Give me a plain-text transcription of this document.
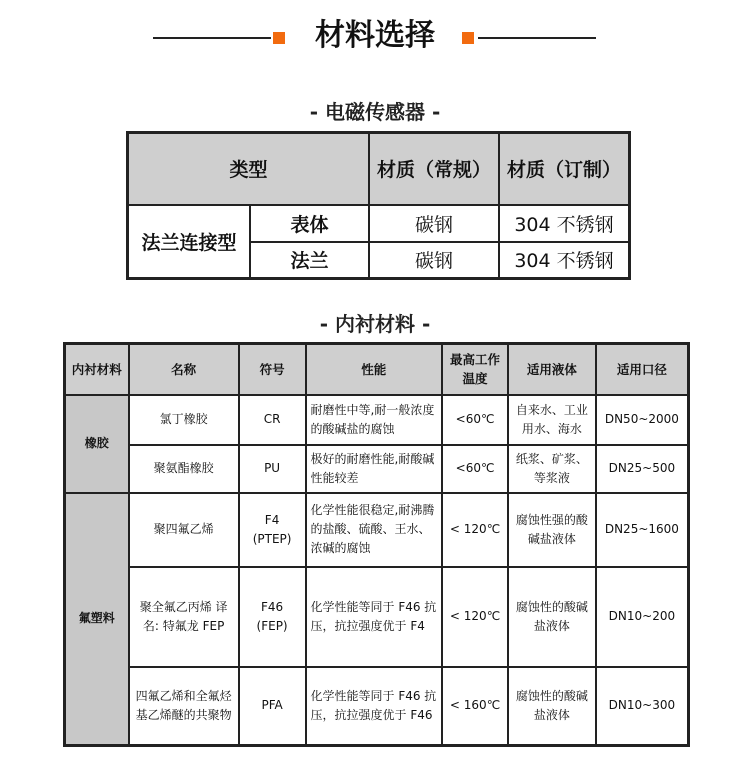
材料选择
- 电磁传感器 -
类型		材质（常规）	材质（订制）
法兰连接型	表体	碳钢	304 不锈钢
	法兰	碳钢	304 不锈钢
- 内衬材料 -
内衬材料	名称	符号	性能	最高工作温度	适用液体	适用口径
橡胶	氯丁橡胶	CR	耐磨性中等,耐一般浓度的酸碱盐的腐蚀	<60℃	自来水、工业用水、海水	DN50~2000
	聚氨酯橡胶	PU	极好的耐磨性能,耐酸碱性能较差	<60℃	纸浆、矿浆、等浆液	DN25~500
氟塑料	聚四氟乙烯	F4 (PTEP)	化学性能很稳定,耐沸腾的盐酸、硫酸、王水、浓碱的腐蚀	< 120℃	腐蚀性强的酸碱盐液体	DN25~1600
	聚全氟乙丙烯 译名: 特氟龙 FEP	F46 (FEP)	化学性能等同于 F46 抗压，抗拉强度优于 F4	< 120℃	腐蚀性的酸碱盐液体	DN10~200
	四氟乙烯和全氟烃基乙烯醚的共聚物	PFA	化学性能等同于 F46 抗压，抗拉强度优于 F46	< 160℃	腐蚀性的酸碱盐液体	DN10~300
